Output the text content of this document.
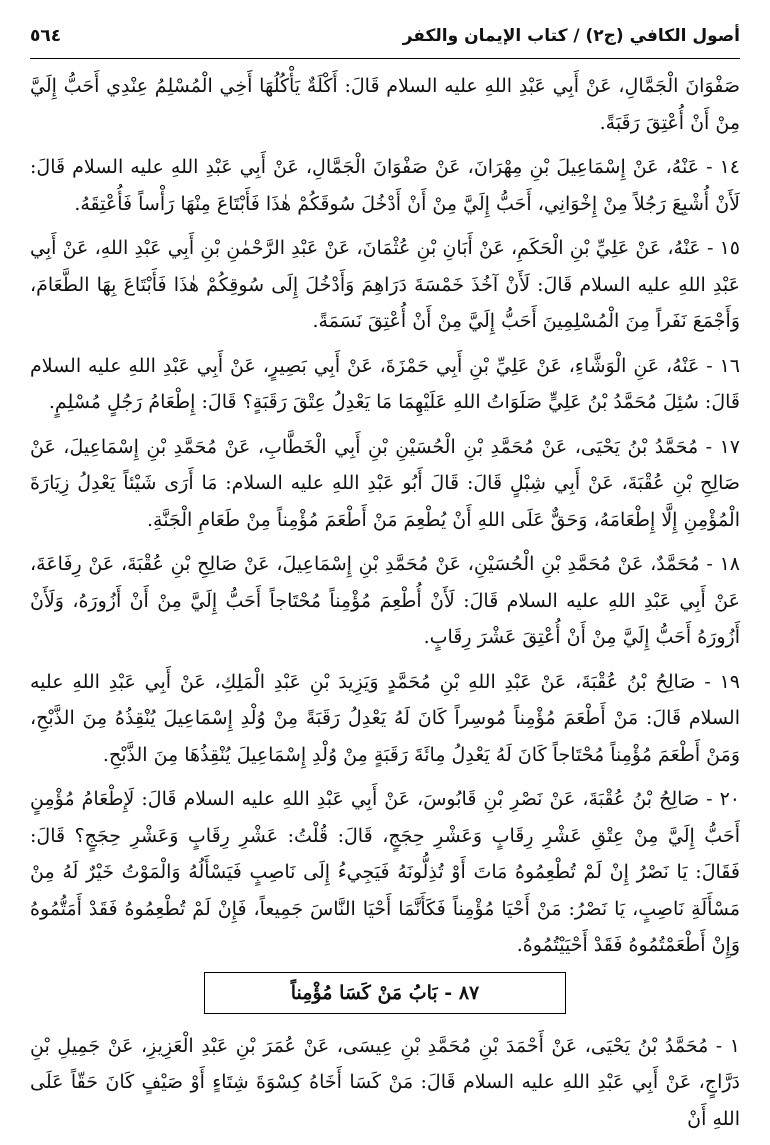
٥٦٤	أصول الكافي (ج٢) / كتاب الإيمان والكفر

صَفْوَانَ الْجَمَّالِ، عَنْ أَبِي عَبْدِ اللهِ عليه السلام قَالَ: أَكْلَةٌ يَأْكُلُهَا أَخِي الْمُسْلِمُ عِنْدِي أَحَبُّ إِلَيَّ مِنْ أَنْ أُعْتِقَ رَقَبَةً.

١٤ - عَنْهُ، عَنْ إِسْمَاعِيلَ بْنِ مِهْرَانَ، عَنْ صَفْوَانَ الْجَمَّالِ، عَنْ أَبِي عَبْدِ اللهِ عليه السلام قَالَ: لَأَنْ أُشْبِعَ رَجُلاً مِنْ إِخْوَانِي، أَحَبُّ إِلَيَّ مِنْ أَنْ أَدْخُلَ سُوقَكُمْ هٰذَا فَأَبْتَاعَ مِنْهَا رَأْساً فَأُعْتِقَهُ.

١٥ - عَنْهُ، عَنْ عَلِيِّ بْنِ الْحَكَمِ، عَنْ أَبَانِ بْنِ عُثْمَانَ، عَنْ عَبْدِ الرَّحْمٰنِ بْنِ أَبِي عَبْدِ اللهِ، عَنْ أَبِي عَبْدِ اللهِ عليه السلام قَالَ: لَأَنْ آخُذَ خَمْسَةَ دَرَاهِمَ وَأَدْخُلَ إِلَى سُوقِكُمْ هٰذَا فَأَبْتَاعَ بِهَا الطَّعَامَ، وَأَجْمَعَ نَفَراً مِنَ الْمُسْلِمِينَ أَحَبُّ إِلَيَّ مِنْ أَنْ أُعْتِقَ نَسَمَةً.

١٦ - عَنْهُ، عَنِ الْوَشَّاءِ، عَنْ عَلِيِّ بْنِ أَبِي حَمْزَةَ، عَنْ أَبِي بَصِيرٍ، عَنْ أَبِي عَبْدِ اللهِ عليه السلام قَالَ: سُئِلَ مُحَمَّدُ بْنُ عَلِيٍّ صَلَوَاتُ اللهِ عَلَيْهِمَا مَا يَعْدِلُ عِتْقَ رَقَبَةٍ؟ قَالَ: إِطْعَامُ رَجُلٍ مُسْلِمٍ.

١٧ - مُحَمَّدُ بْنُ يَحْيَى، عَنْ مُحَمَّدِ بْنِ الْحُسَيْنِ بْنِ أَبِي الْخَطَّابِ، عَنْ مُحَمَّدِ بْنِ إِسْمَاعِيلَ، عَنْ صَالِحِ بْنِ عُقْبَةَ، عَنْ أَبِي شِبْلٍ قَالَ: قَالَ أَبُو عَبْدِ اللهِ عليه السلام: مَا أَرَى شَيْئاً يَعْدِلُ زِيَارَةَ الْمُؤْمِنِ إِلَّا إِطْعَامَهُ، وَحَقٌّ عَلَى اللهِ أَنْ يُطْعِمَ مَنْ أَطْعَمَ مُؤْمِناً مِنْ طَعَامِ الْجَنَّةِ.

١٨ - مُحَمَّدٌ، عَنْ مُحَمَّدِ بْنِ الْحُسَيْنِ، عَنْ مُحَمَّدِ بْنِ إِسْمَاعِيلَ، عَنْ صَالِحِ بْنِ عُقْبَةَ، عَنْ رِفَاعَةَ، عَنْ أَبِي عَبْدِ اللهِ عليه السلام قَالَ: لَأَنْ أُطْعِمَ مُؤْمِناً مُحْتَاجاً أَحَبُّ إِلَيَّ مِنْ أَنْ أَزُورَهُ، وَلَأَنْ أَزُورَهُ أَحَبُّ إِلَيَّ مِنْ أَنْ أُعْتِقَ عَشْرَ رِقَابٍ.

١٩ - صَالِحُ بْنُ عُقْبَةَ، عَنْ عَبْدِ اللهِ بْنِ مُحَمَّدٍ وَيَزِيدَ بْنِ عَبْدِ الْمَلِكِ، عَنْ أَبِي عَبْدِ اللهِ عليه السلام قَالَ: مَنْ أَطْعَمَ مُؤْمِناً مُوسِراً كَانَ لَهُ يَعْدِلُ رَقَبَةً مِنْ وُلْدِ إِسْمَاعِيلَ يُنْقِذُهُ مِنَ الذَّبْحِ، وَمَنْ أَطْعَمَ مُؤْمِناً مُحْتَاجاً كَانَ لَهُ يَعْدِلُ مِائَةَ رَقَبَةٍ مِنْ وُلْدِ إِسْمَاعِيلَ يُنْقِذُهَا مِنَ الذَّبْحِ.

٢٠ - صَالِحُ بْنُ عُقْبَةَ، عَنْ نَصْرِ بْنِ قَابُوسَ، عَنْ أَبِي عَبْدِ اللهِ عليه السلام قَالَ: لَإِطْعَامُ مُؤْمِنٍ أَحَبُّ إِلَيَّ مِنْ عِتْقِ عَشْرِ رِقَابٍ وَعَشْرِ حِجَجٍ، قَالَ: قُلْتُ: عَشْرِ رِقَابٍ وَعَشْرِ حِجَجٍ؟ قَالَ: فَقَالَ: يَا نَصْرُ إِنْ لَمْ تُطْعِمُوهُ مَاتَ أَوْ تُذِلُّونَهُ فَيَجِيءُ إِلَى نَاصِبٍ فَيَسْأَلُهُ وَالْمَوْتُ خَيْرٌ لَهُ مِنْ مَسْأَلَةِ نَاصِبٍ، يَا نَصْرُ: مَنْ أَحْيَا مُؤْمِناً فَكَأَنَّمَا أَحْيَا النَّاسَ جَمِيعاً، فَإِنْ لَمْ تُطْعِمُوهُ فَقَدْ أَمَتُّمُوهُ وَإِنْ أَطْعَمْتُمُوهُ فَقَدْ أَحْيَيْتُمُوهُ.

٨٧ - بَابُ مَنْ كَسَا مُؤْمِناً

١ - مُحَمَّدُ بْنُ يَحْيَى، عَنْ أَحْمَدَ بْنِ مُحَمَّدِ بْنِ عِيسَى، عَنْ عُمَرَ بْنِ عَبْدِ الْعَزِيزِ، عَنْ جَمِيلِ بْنِ دَرَّاجٍ، عَنْ أَبِي عَبْدِ اللهِ عليه السلام قَالَ: مَنْ كَسَا أَخَاهُ كِسْوَةَ شِتَاءٍ أَوْ صَيْفٍ كَانَ حَقّاً عَلَى اللهِ أَنْ
